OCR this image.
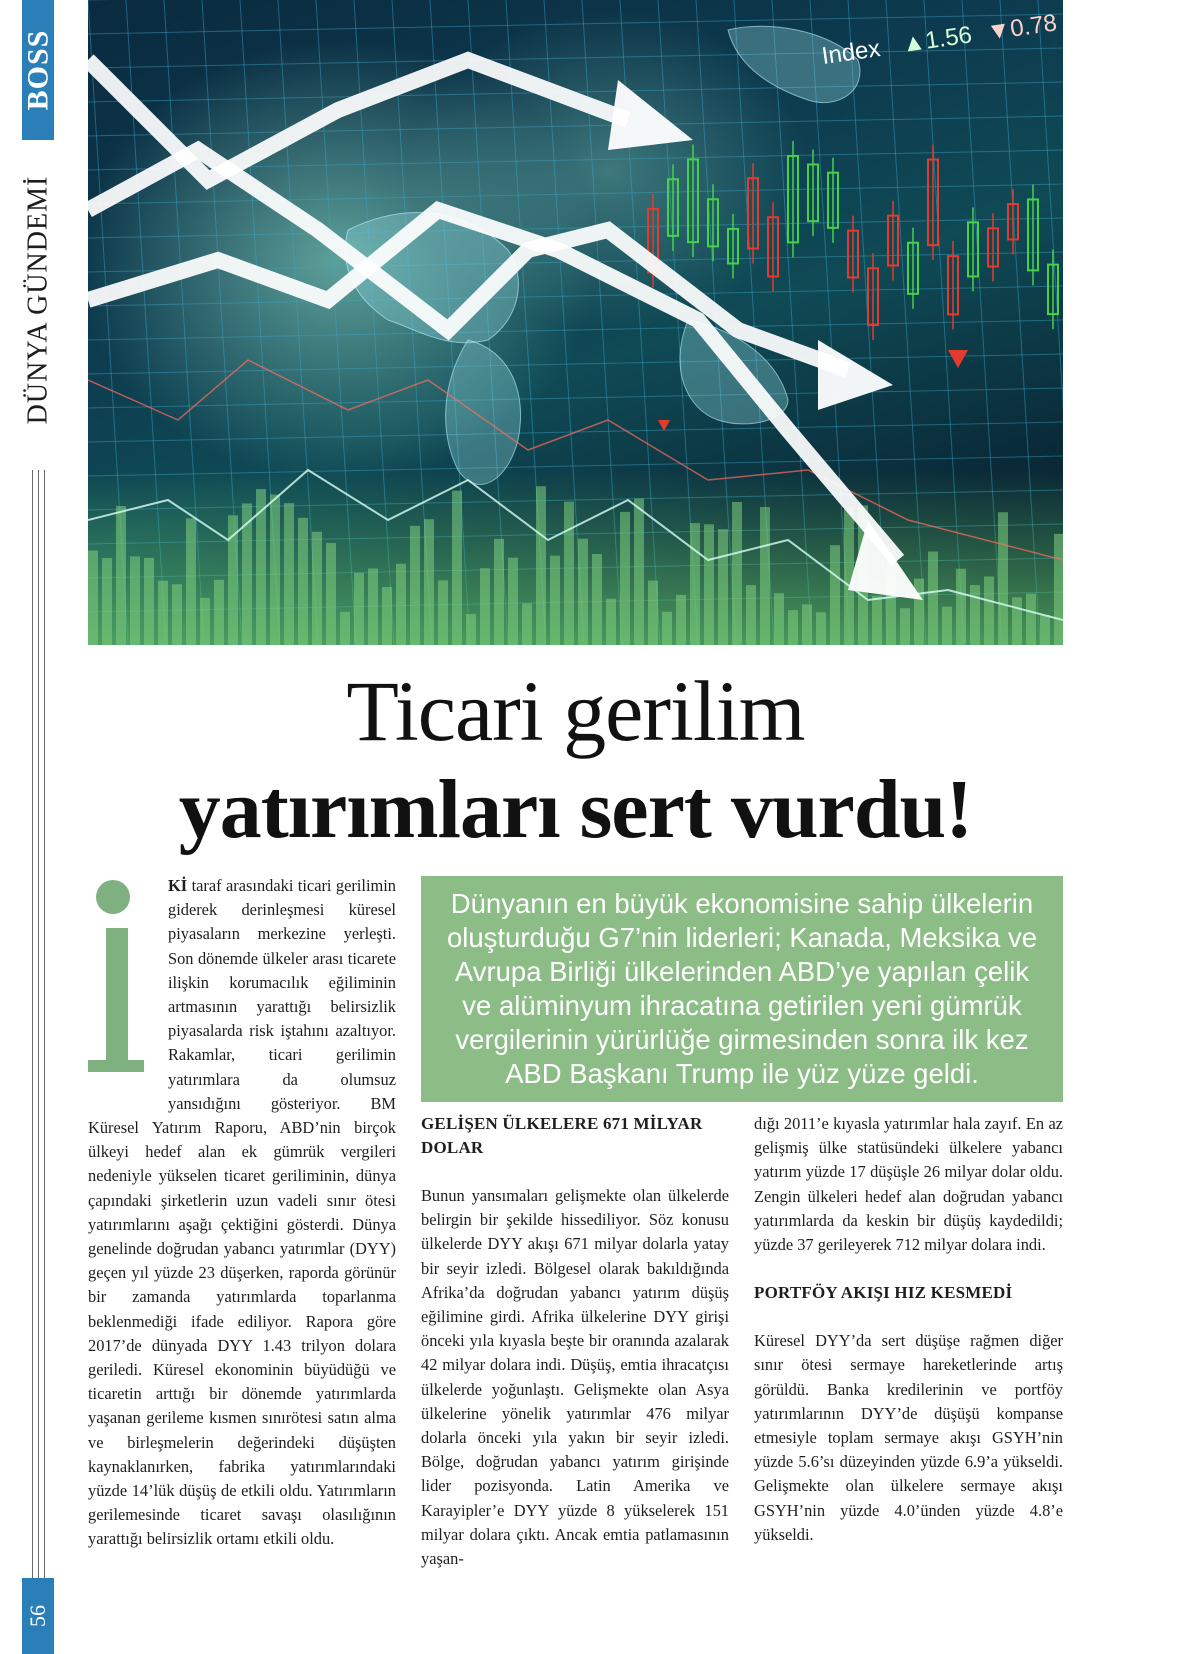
BOSS
DÜNYA GÜNDEMİ
56
Index ▲1.56 ▼0.78
Ticari gerilim
yatırımları sert vurdu!

Kİ taraf arasındaki ticari gerilimin giderek derinleşmesi küresel piyasaların merkezine yerleşti. Son dönemde ülkeler arası ticarete ilişkin korumacılık eğiliminin artmasının yarattığı belirsizlik piyasalarda risk iştahını azaltıyor. Rakamlar, ticari gerilimin yatırımlara da olumsuz yansıdığını gösteriyor. BM Küresel Yatırım Raporu, ABD’nin birçok ülkeyi hedef alan ek gümrük vergileri nedeniyle yükselen ticaret geriliminin, dünya çapındaki şirketlerin uzun vadeli sınır ötesi yatırımlarını aşağı çektiğini gösterdi. Dünya genelinde doğrudan yabancı yatırımlar (DYY) geçen yıl yüzde 23 düşerken, raporda görünür bir zamanda yatırımlarda toparlanma beklenmediği ifade ediliyor. Rapora göre 2017’de dünyada DYY 1.43 trilyon dolara geriledi. Küresel ekonominin büyüdüğü ve ticaretin arttığı bir dönemde yatırımlarda yaşanan gerileme kısmen sınırötesi satın alma ve birleşmelerin değerindeki düşüşten kaynaklanırken, fabrika yatırımlarındaki yüzde 14’lük düşüş de etkili oldu. Yatırımların gerilemesinde ticaret savaşı olasılığının yarattığı belirsizlik ortamı etkili oldu.

Dünyanın en büyük ekonomisine sahip ülkelerin oluşturduğu G7’nin liderleri; Kanada, Meksika ve Avrupa Birliği ülkelerinden ABD’ye yapılan çelik ve alüminyum ihracatına getirilen yeni gümrük vergilerinin yürürlüğe girmesinden sonra ilk kez ABD Başkanı Trump ile yüz yüze geldi.

GELİŞEN ÜLKELERE 671 MİLYAR DOLAR

Bunun yansımaları gelişmekte olan ülkelerde belirgin bir şekilde hissediliyor. Söz konusu ülkelerde DYY akışı 671 milyar dolarla yatay bir seyir izledi. Bölgesel olarak bakıldığında Afrika’da doğrudan yabancı yatırım düşüş eğilimine girdi. Afrika ülkelerine DYY girişi önceki yıla kıyasla beşte bir oranında azalarak 42 milyar dolara indi. Düşüş, emtia ihracatçısı ülkelerde yoğunlaştı. Gelişmekte olan Asya ülkelerine yönelik yatırımlar 476 milyar dolarla önceki yıla yakın bir seyir izledi. Bölge, doğrudan yabancı yatırım girişinde lider pozisyonda. Latin Amerika ve Karayipler’e DYY yüzde 8 yükselerek 151 milyar dolara çıktı. Ancak emtia patlamasının yaşan-

dığı 2011’e kıyasla yatırımlar hala zayıf. En az gelişmiş ülke statüsündeki ülkelere yabancı yatırım yüzde 17 düşüşle 26 milyar dolar oldu. Zengin ülkeleri hedef alan doğrudan yabancı yatırımlarda da keskin bir düşüş kaydedildi; yüzde 37 gerileyerek 712 milyar dolara indi.

PORTFÖY AKIŞI HIZ KESMEDİ

Küresel DYY’da sert düşüşe rağmen diğer sınır ötesi sermaye hareketlerinde artış görüldü. Banka kredilerinin ve portföy yatırımlarının DYY’de düşüşü kompanse etmesiyle toplam sermaye akışı GSYH’nin yüzde 5.6’sı düzeyinden yüzde 6.9’a yükseldi. Gelişmekte olan ülkelere sermaye akışı GSYH’nin yüzde 4.0’ünden yüzde 4.8’e yükseldi.
